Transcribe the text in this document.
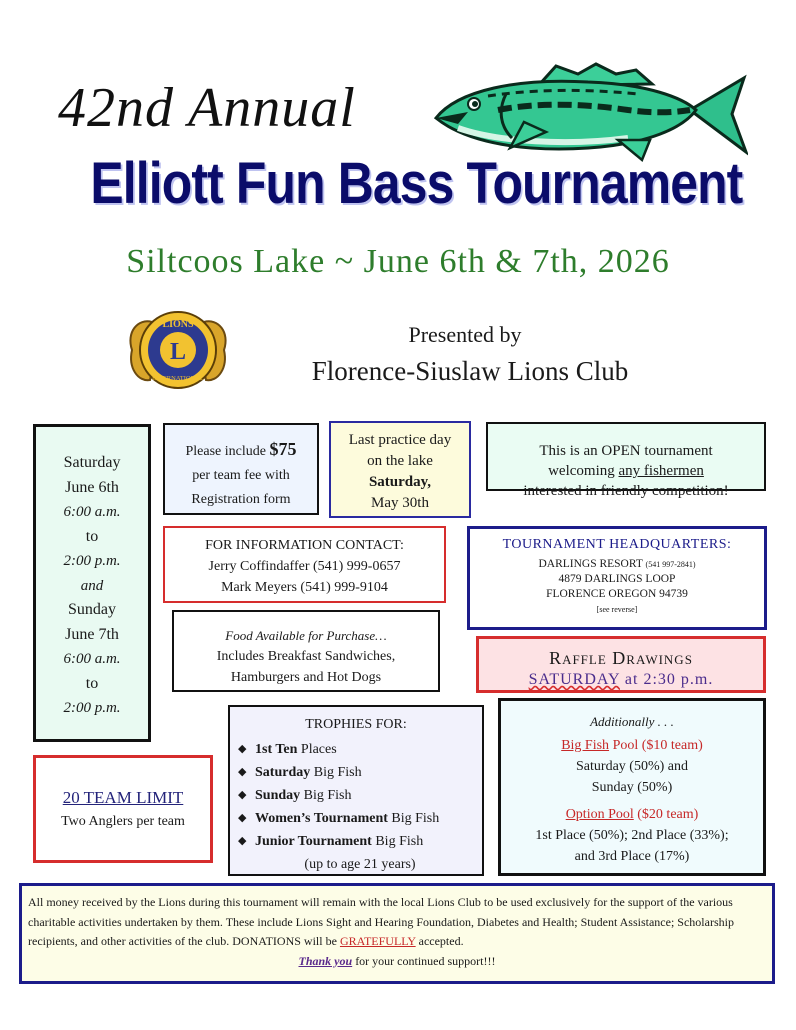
42nd Annual
Elliott Fun Bass Tournament
Siltcoos Lake ~ June 6th & 7th, 2026
L
LIONS
INTERNATIONAL
Presented by
Florence-Siuslaw Lions Club
Saturday
June 6th
6:00 a.m.
to
2:00 p.m.
and
Sunday
June 7th
6:00 a.m.
to
2:00 p.m.
Please include $75
per team fee with
Registration form
Last practice day
on the lake
Saturday,
May 30th
This is an OPEN tournament
welcoming any fishermen
interested in friendly competition!
FOR INFORMATION CONTACT:
Jerry Coffindaffer (541) 999-0657
Mark Meyers (541) 999-9104
TOURNAMENT HEADQUARTERS:
DARLINGS RESORT (541 997-2841)
4879 DARLINGS LOOP
FLORENCE OREGON 94739
[see reverse]
Food Available for Purchase…
Includes Breakfast Sandwiches,
Hamburgers and Hot Dogs
Raffle Drawings
SATURDAY at 2:30 p.m.
TROPHIES FOR:
◆ 1st Ten Places
◆ Saturday Big Fish
◆ Sunday Big Fish
◆ Women’s Tournament Big Fish
◆ Junior Tournament Big Fish
(up to age 21 years)
Additionally . . .
Big Fish Pool ($10 team)
Saturday (50%) and
Sunday (50%)
Option Pool ($20 team)
1st Place (50%); 2nd Place (33%);
and 3rd Place (17%)
20 TEAM LIMIT
Two Anglers per team
All money received by the Lions during this tournament will remain with the local Lions Club to be used exclusively for the support of the various charitable activities undertaken by them. These include Lions Sight and Hearing Foundation, Diabetes and Health; Student Assistance; Scholarship recipients, and other activities of the club. DONATIONS will be GRATEFULLY accepted.
Thank you for your continued support!!!
